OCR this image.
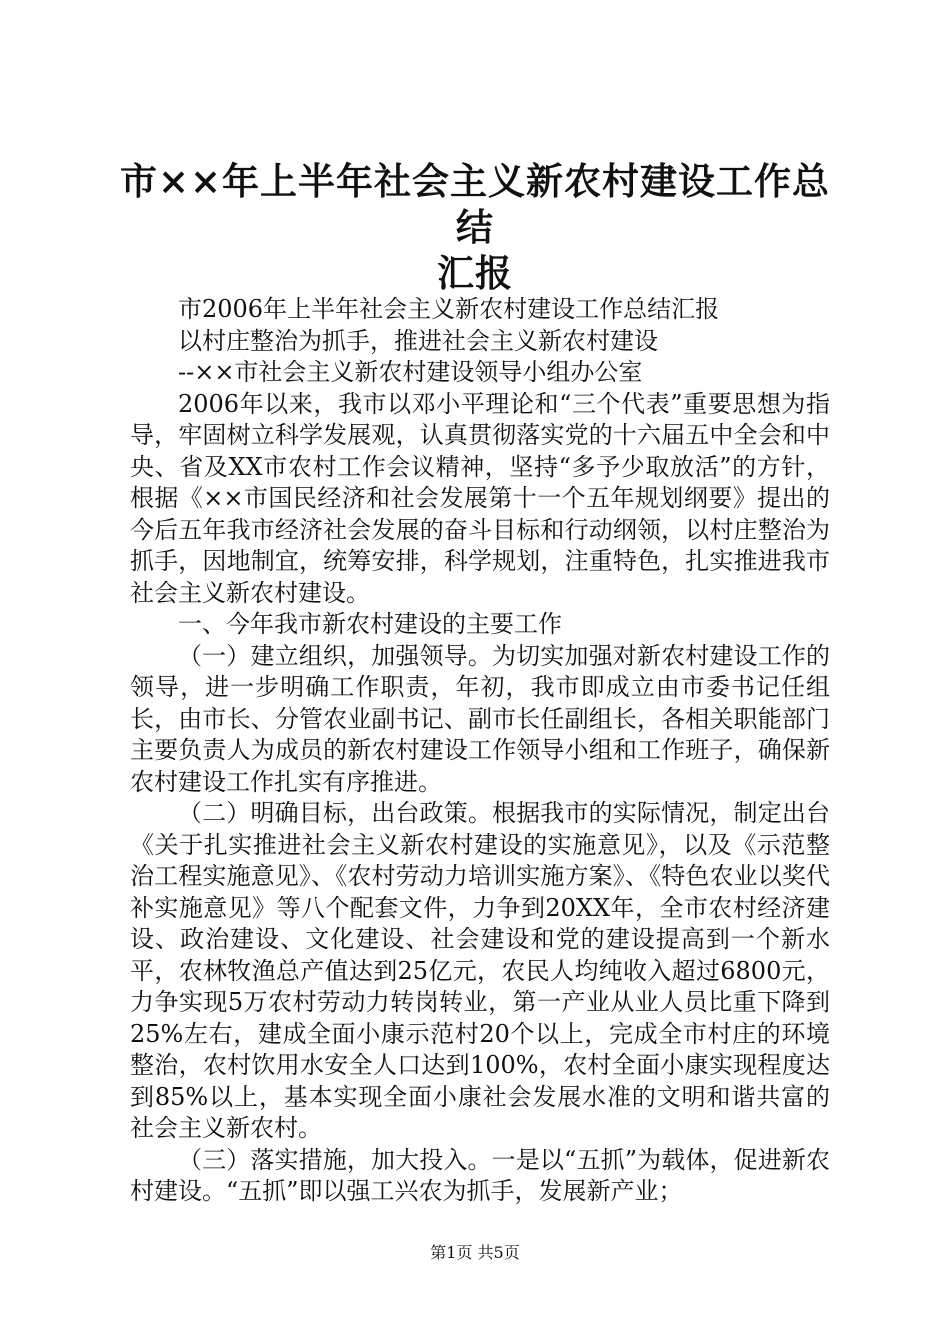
市××年上半年社会主义新农村建设工作总结
汇报

市2006年上半年社会主义新农村建设工作总结汇报

以村庄整治为抓手，推进社会主义新农村建设

--××市社会主义新农村建设领导小组办公室

2006年以来，我市以邓小平理论和“三个代表”重要思想为指导，牢固树立科学发展观，认真贯彻落实党的十六届五中全会和中央、省及XX市农村工作会议精神，坚持“多予少取放活”的方针，根据《××市国民经济和社会发展第十一个五年规划纲要》提出的今后五年我市经济社会发展的奋斗目标和行动纲领，以村庄整治为抓手，因地制宜，统筹安排，科学规划，注重特色，扎实推进我市社会主义新农村建设。

一、今年我市新农村建设的主要工作

（一）建立组织，加强领导。为切实加强对新农村建设工作的领导，进一步明确工作职责，年初，我市即成立由市委书记任组长，由市长、分管农业副书记、副市长任副组长，各相关职能部门主要负责人为成员的新农村建设工作领导小组和工作班子，确保新农村建设工作扎实有序推进。

（二）明确目标，出台政策。根据我市的实际情况，制定出台《关于扎实推进社会主义新农村建设的实施意见》，以及《示范整治工程实施意见》、《农村劳动力培训实施方案》、《特色农业以奖代补实施意见》等八个配套文件，力争到20XX年，全市农村经济建设、政治建设、文化建设、社会建设和党的建设提高到一个新水平，农林牧渔总产值达到25亿元，农民人均纯收入超过6800元，力争实现5万农村劳动力转岗转业，第一产业从业人员比重下降到25%左右，建成全面小康示范村20个以上，完成全市村庄的环境整治，农村饮用水安全人口达到100%，农村全面小康实现程度达到85%以上，基本实现全面小康社会发展水准的文明和谐共富的社会主义新农村。

（三）落实措施，加大投入。一是以“五抓”为载体，促进新农村建设。“五抓”即以强工兴农为抓手，发展新产业；

第1页 共5页
